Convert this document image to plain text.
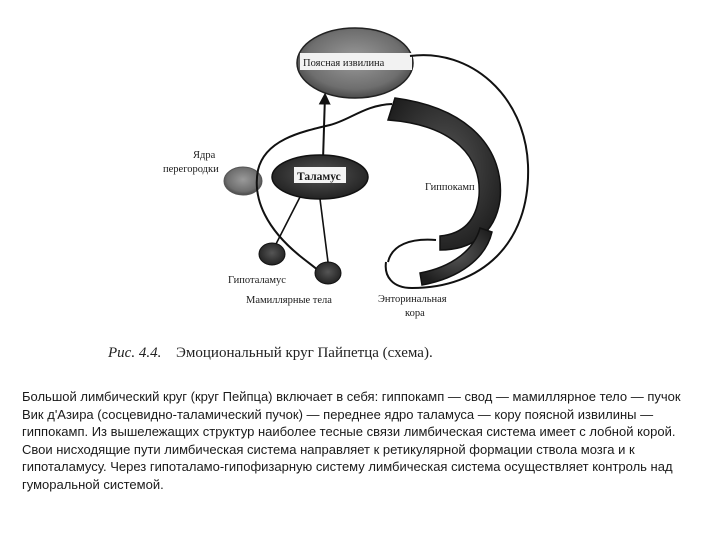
Поясная извилина
Ядра
перегородки
Гиппокамп
Таламус
Гипоталамус
Мамиллярные тела	Энторинальная
кора
Рис. 4.4. Эмоциональный круг Пайпетца (схема).

Большой лимбический круг (круг Пейпца) включает в себя: гиппокамп — свод — мамиллярное тело — пучок Вик д'Азира (сосцевидно-таламический пучок) — переднее ядро таламуса — кору поясной извилины — гиппокамп. Из вышележащих структур наиболее тесные связи лимбическая система имеет с лобной корой.

Свои нисходящие пути лимбическая система направляет к ретикулярной формации ствола мозга и к гипоталамусу. Через гипоталамо-гипофизарную систему лимбическая система осуществляет контроль над гуморальной системой.
